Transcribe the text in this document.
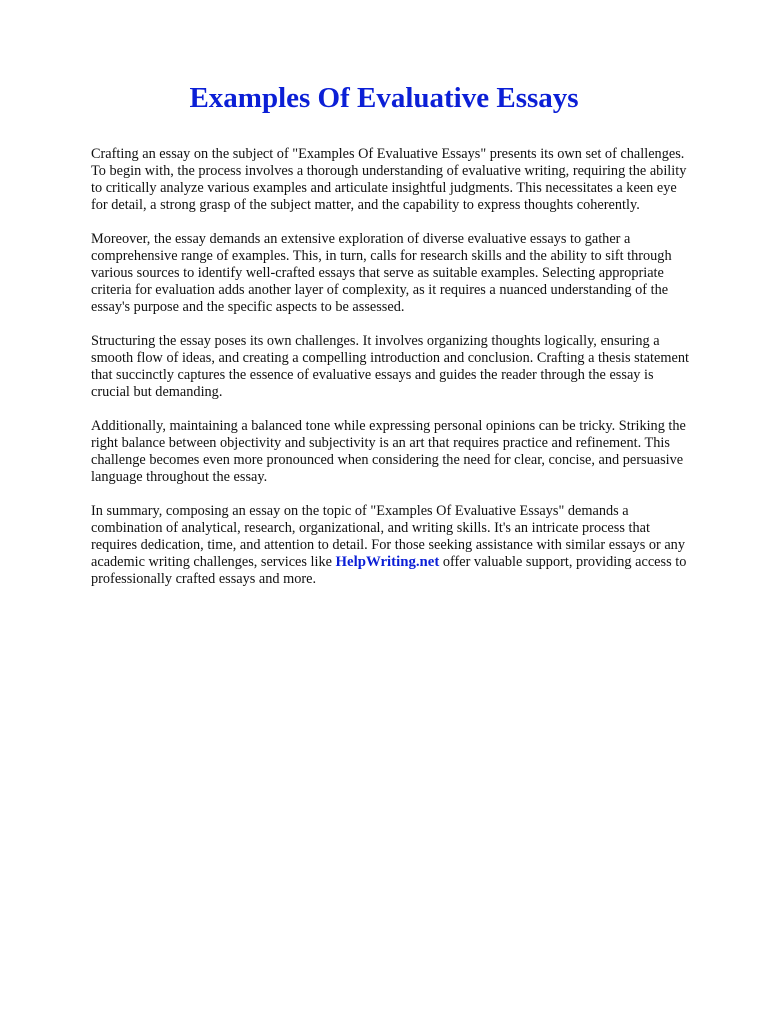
Examples Of Evaluative Essays

Crafting an essay on the subject of "Examples Of Evaluative Essays" presents its own set of challenges. To begin with, the process involves a thorough understanding of evaluative writing, requiring the ability to critically analyze various examples and articulate insightful judgments. This necessitates a keen eye for detail, a strong grasp of the subject matter, and the capability to express thoughts coherently.

Moreover, the essay demands an extensive exploration of diverse evaluative essays to gather a comprehensive range of examples. This, in turn, calls for research skills and the ability to sift through various sources to identify well-crafted essays that serve as suitable examples. Selecting appropriate criteria for evaluation adds another layer of complexity, as it requires a nuanced understanding of the essay's purpose and the specific aspects to be assessed.

Structuring the essay poses its own challenges. It involves organizing thoughts logically, ensuring a smooth flow of ideas, and creating a compelling introduction and conclusion. Crafting a thesis statement that succinctly captures the essence of evaluative essays and guides the reader through the essay is crucial but demanding.

Additionally, maintaining a balanced tone while expressing personal opinions can be tricky. Striking the right balance between objectivity and subjectivity is an art that requires practice and refinement. This challenge becomes even more pronounced when considering the need for clear, concise, and persuasive language throughout the essay.

In summary, composing an essay on the topic of "Examples Of Evaluative Essays" demands a combination of analytical, research, organizational, and writing skills. It's an intricate process that requires dedication, time, and attention to detail. For those seeking assistance with similar essays or any academic writing challenges, services like HelpWriting.net offer valuable support, providing access to professionally crafted essays and more.
